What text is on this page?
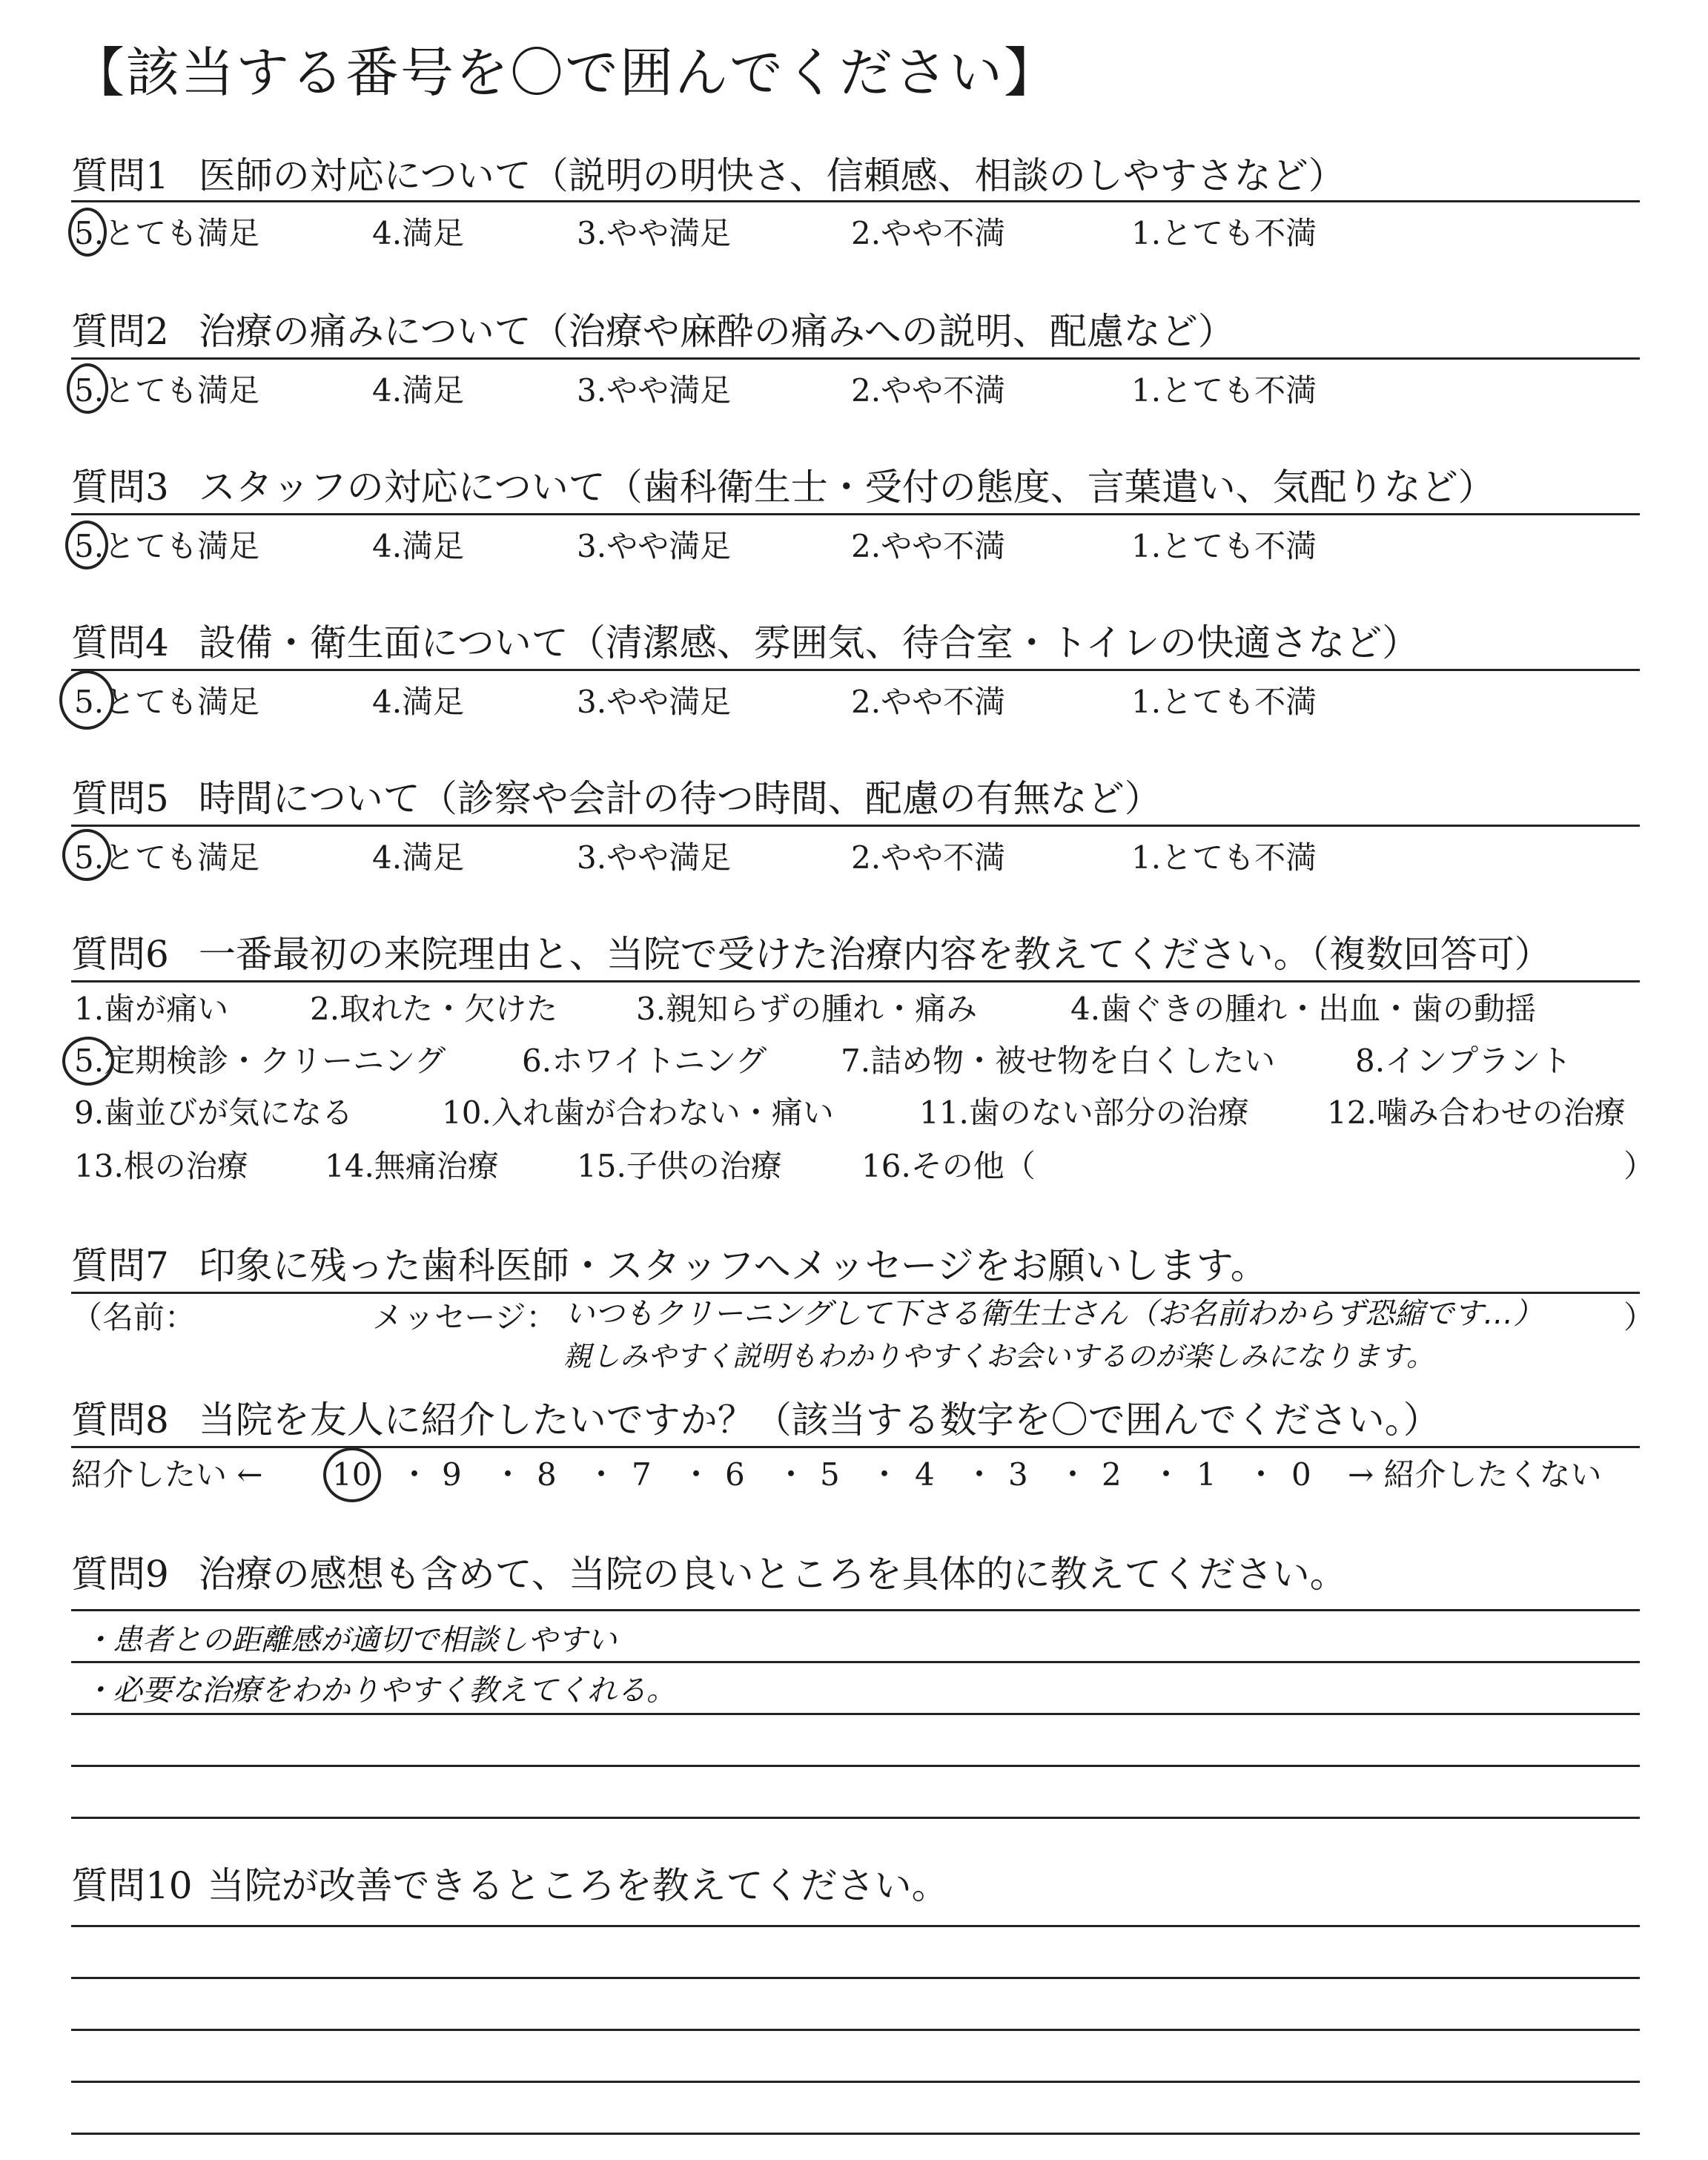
【該当する番号を〇で囲んでください】
質問1 医師の対応について（説明の明快さ、信頼感、相談のしやすさなど）
5.とても満足	4.満足	3.やや満足	2.やや不満	1.とても不満
質問2 治療の痛みについて（治療や麻酔の痛みへの説明、配慮など）
5.とても満足	4.満足	3.やや満足	2.やや不満	1.とても不満
質問3 スタッフの対応について（歯科衛生士・受付の態度、言葉遣い、気配りなど）
5.とても満足	4.満足	3.やや満足	2.やや不満	1.とても不満
質問4 設備・衛生面について（清潔感、雰囲気、待合室・トイレの快適さなど）
5.とても満足	4.満足	3.やや満足	2.やや不満	1.とても不満
質問5 時間について（診察や会計の待つ時間、配慮の有無など）
5.とても満足	4.満足	3.やや満足	2.やや不満	1.とても不満
質問6 一番最初の来院理由と、当院で受けた治療内容を教えてください。（複数回答可）
1.歯が痛い	2.取れた・欠けた	3.親知らずの腫れ・痛み	4.歯ぐきの腫れ・出血・歯の動揺
5.定期検診・クリーニング 6.ホワイトニング 7.詰め物・被せ物を白くしたい	8.インプラント
9.歯並びが気になる	10.入れ歯が合わない・痛い	11.歯のない部分の治療	12.噛み合わせの治療
13.根の治療 14.無痛治療	15.子供の治療	16.その他（	）
質問7 印象に残った歯科医師・スタッフへメッセージをお願いします。
（名前：	メッセージ：	）
いつもクリーニングして下さる衛生士さん（お名前わからず恐縮です…）
親しみやすく説明もわかりやすくお会いするのが楽しみになります。
質問8 当院を友人に紹介したいですか？（該当する数字を〇で囲んでください。）
紹介したい ←	→ 紹介したくない
10 ・ 9 ・ 8 ・ 7 ・ 6 ・ 5 ・ 4 ・ 3 ・ 2 ・ 1 ・ 0
質問9 治療の感想も含めて、当院の良いところを具体的に教えてください。
・患者との距離感が適切で相談しやすい
・必要な治療をわかりやすく教えてくれる。
質問10 当院が改善できるところを教えてください。
